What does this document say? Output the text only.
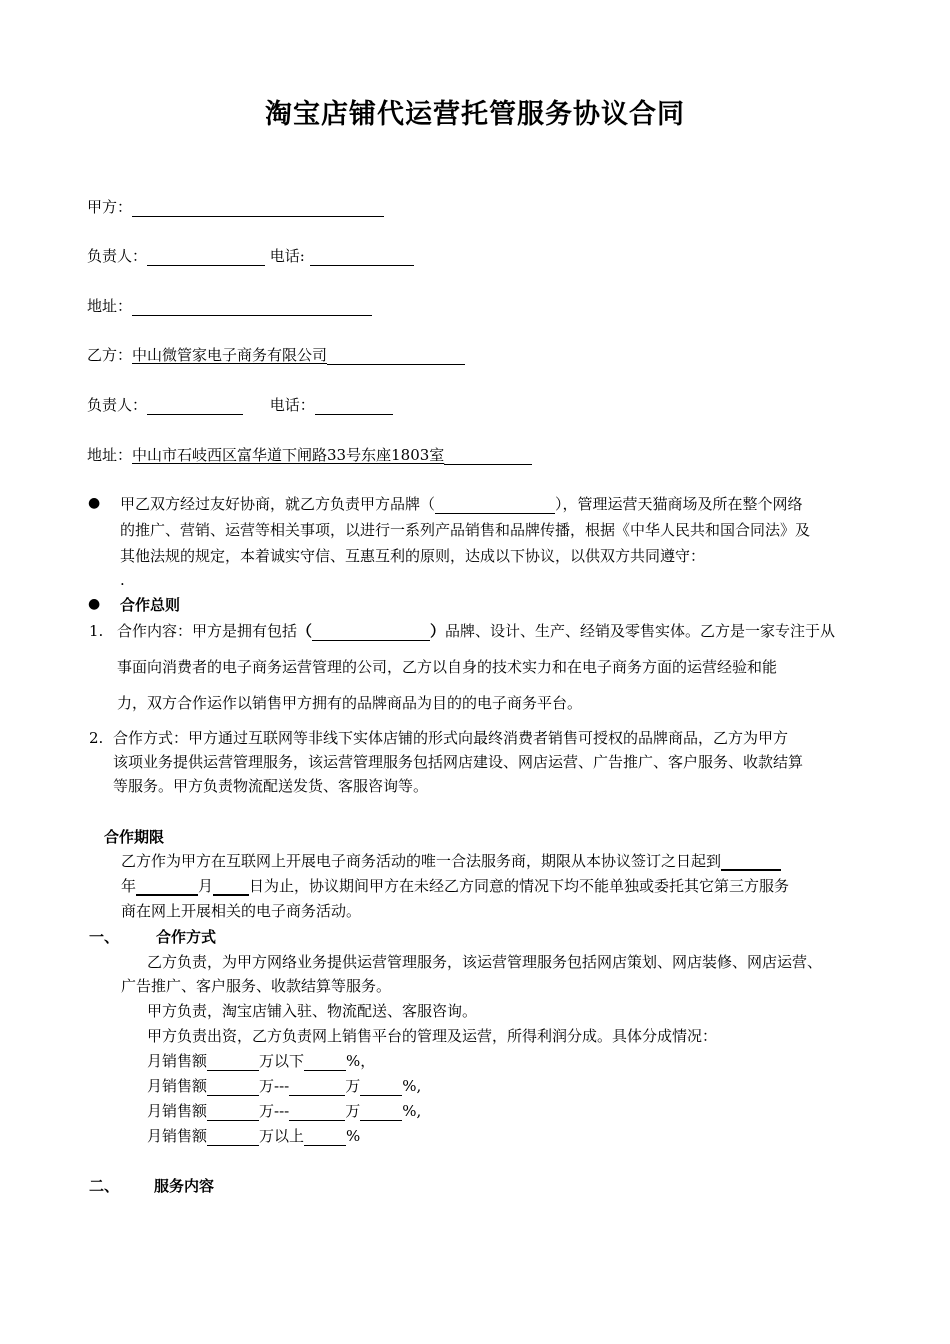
淘宝店铺代运营托管服务协议合同
甲方：
负责人：	电话:
地址：
乙方：中山微管家电子商务有限公司
负责人：	电话：
地址：中山市石岐西区富华道下闸路33号东座1803室
● 甲乙双方经过友好协商，就乙方负责甲方品牌（	），管理运营天猫商场及所在整个网络
的推广、营销、运营等相关事项，以进行一系列产品销售和品牌传播，根据《中华人民共和国合同法》及
其他法规的规定，本着诚实守信、互惠互利的原则，达成以下协议，以供双方共同遵守：
.
● 合作总则
1. 合作内容：甲方是拥有包括（	）品牌、设计、生产、经销及零售实体。乙方是一家专注于从
事面向消费者的电子商务运营管理的公司，乙方以自身的技术实力和在电子商务方面的运营经验和能
力，双方合作运作以销售甲方拥有的品牌商品为目的的电子商务平台。
2. 合作方式：甲方通过互联网等非线下实体店铺的形式向最终消费者销售可授权的品牌商品，乙方为甲方
该项业务提供运营管理服务，该运营管理服务包括网店建设、网店运营、广告推广、客户服务、收款结算
等服务。甲方负责物流配送发货、客服咨询等。
合作期限
乙方作为甲方在互联网上开展电子商务活动的唯一合法服务商，期限从本协议签订之日起到
年	月 日为止，协议期间甲方在未经乙方同意的情况下均不能单独或委托其它第三方服务
商在网上开展相关的电子商务活动。
一、 合作方式
乙方负责，为甲方网络业务提供运营管理服务，该运营管理服务包括网店策划、网店装修、网店运营、
广告推广、客户服务、收款结算等服务。
甲方负责，淘宝店铺入驻、物流配送、客服咨询。
甲方负责出资，乙方负责网上销售平台的管理及运营，所得利润分成。具体分成情况：
月销售额	万以下	%，
月销售额	万---	万	%,
月销售额	万---	万	%,
月销售额	万以上	%
二、 服务内容
